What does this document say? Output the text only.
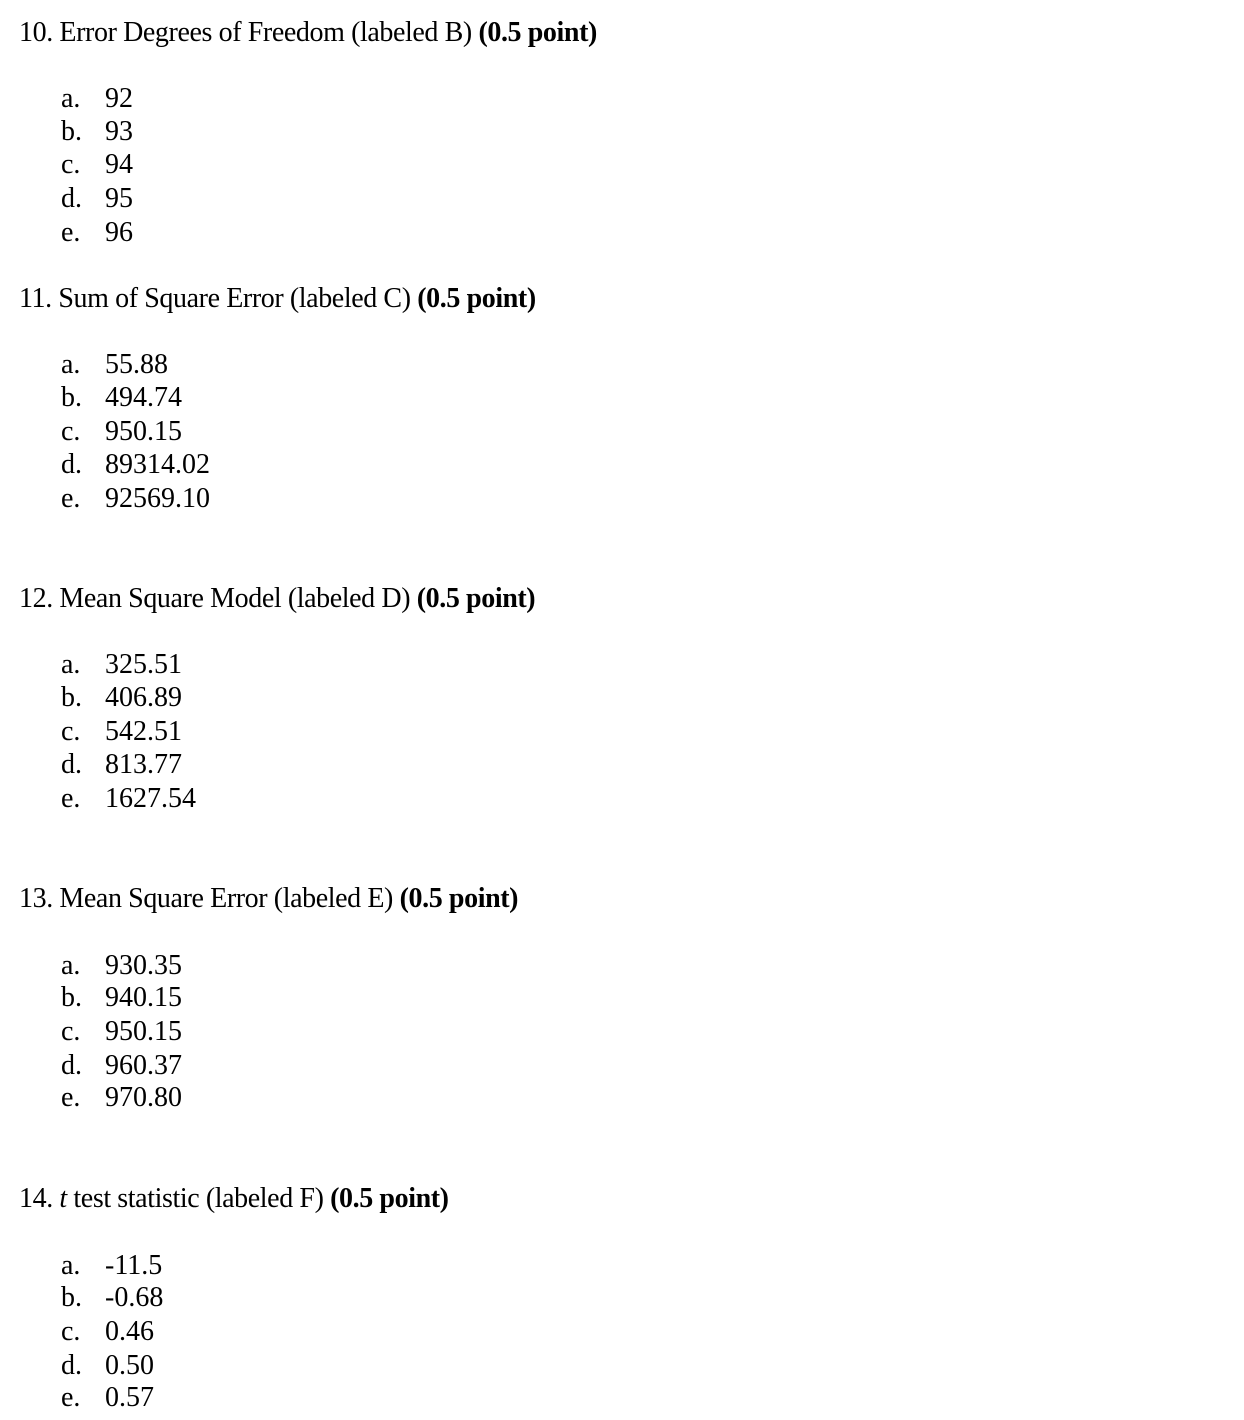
10. Error Degrees of Freedom (labeled B) (0.5 point)
a. 92
b. 93
c. 94
d. 95
e. 96
11. Sum of Square Error (labeled C) (0.5 point)
a. 55.88
b. 494.74
c. 950.15
d. 89314.02
e. 92569.10
12. Mean Square Model (labeled D) (0.5 point)
a. 325.51
b. 406.89
c. 542.51
d. 813.77
e. 1627.54
13. Mean Square Error (labeled E) (0.5 point)
a. 930.35
b. 940.15
c. 950.15
d. 960.37
e. 970.80
14. t test statistic (labeled F) (0.5 point)
a. -11.5
b. -0.68
c. 0.46
d. 0.50
e. 0.57
